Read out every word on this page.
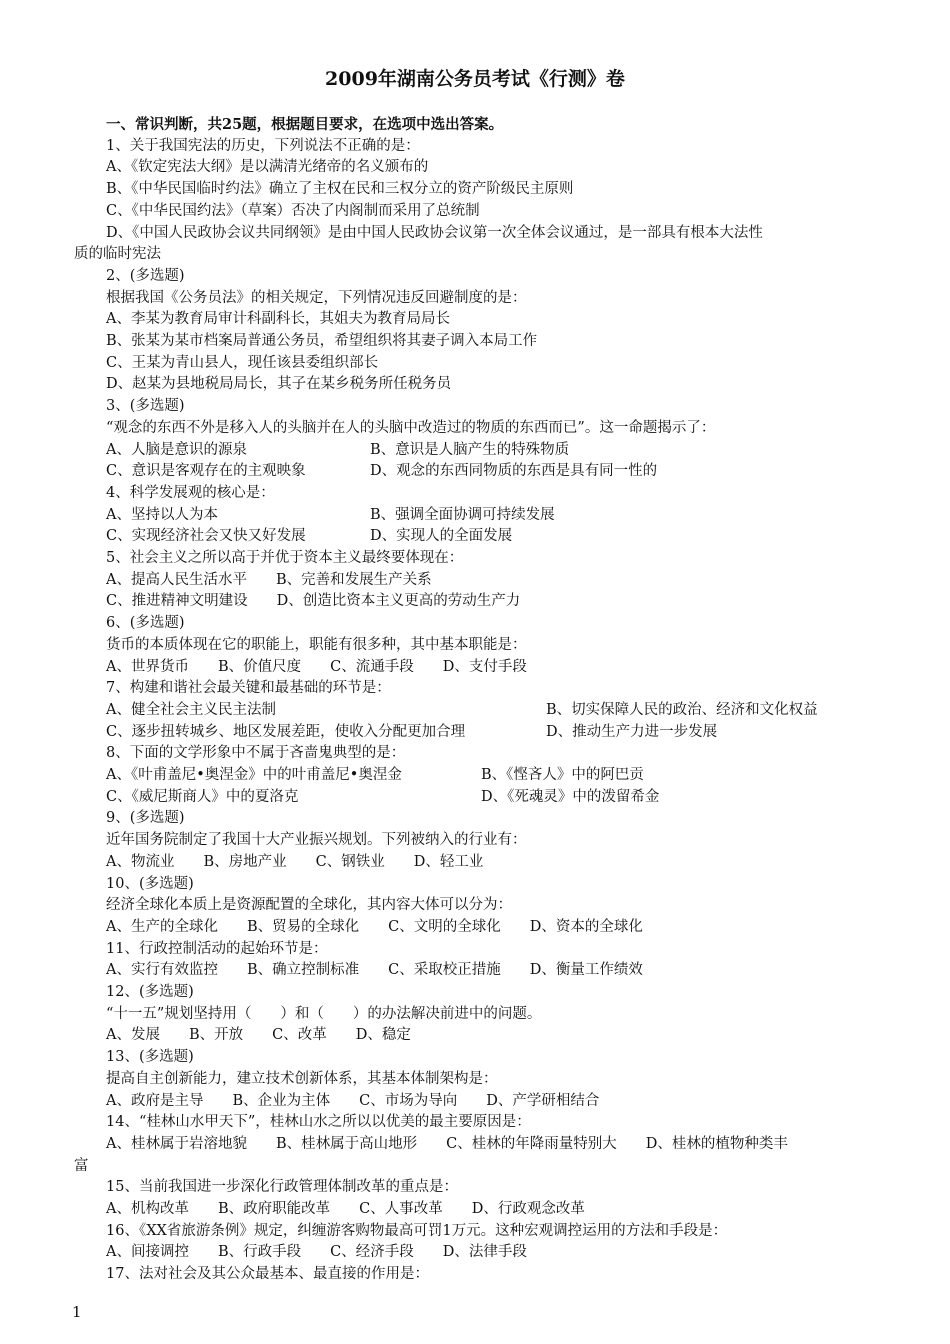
2009年湖南公务员考试《行测》卷
一、常识判断，共25题，根据题目要求，在选项中选出答案。
1、关于我国宪法的历史，下列说法不正确的是：
A、《钦定宪法大纲》是以满清光绪帝的名义颁布的
B、《中华民国临时约法》确立了主权在民和三权分立的资产阶级民主原则
C、《中华民国约法》（草案）否决了内阁制而采用了总统制
D、《中国人民政协会议共同纲领》是由中国人民政协会议第一次全体会议通过，是一部具有根本大法性
质的临时宪法
2、(多选题)
根据我国《公务员法》的相关规定，下列情况违反回避制度的是：
A、李某为教育局审计科副科长，其姐夫为教育局局长
B、张某为某市档案局普通公务员，希望组织将其妻子调入本局工作
C、王某为青山县人，现任该县委组织部长
D、赵某为县地税局局长，其子在某乡税务所任税务员
3、(多选题)
“观念的东西不外是移入人的头脑并在人的头脑中改造过的物质的东西而已”。这一命题揭示了：
A、人脑是意识的源泉	B、意识是人脑产生的特殊物质
C、意识是客观存在的主观映象	D、观念的东西同物质的东西是具有同一性的
4、科学发展观的核心是：
A、坚持以人为本	B、强调全面协调可持续发展
C、实现经济社会又快又好发展	D、实现人的全面发展
5、社会主义之所以高于并优于资本主义最终要体现在：
A、提高人民生活水平　　B、完善和发展生产关系
C、推进精神文明建设　　D、创造比资本主义更高的劳动生产力
6、(多选题)
货币的本质体现在它的职能上，职能有很多种，其中基本职能是：
A、世界货币　　B、价值尺度　　C、流通手段　　D、支付手段
7、构建和谐社会最关键和最基础的环节是：
A、健全社会主义民主法制	B、切实保障人民的政治、经济和文化权益
C、逐步扭转城乡、地区发展差距，使收入分配更加合理	D、推动生产力进一步发展
8、下面的文学形象中不属于吝啬鬼典型的是：
A、《叶甫盖尼•奥涅金》中的叶甫盖尼•奥涅金	B、《悭吝人》中的阿巴贡
C、《威尼斯商人》中的夏洛克	D、《死魂灵》中的泼留希金
9、(多选题)
近年国务院制定了我国十大产业振兴规划。下列被纳入的行业有：
A、物流业　　B、房地产业　　C、钢铁业　　D、轻工业
10、(多选题)
经济全球化本质上是资源配置的全球化，其内容大体可以分为：
A、生产的全球化　　B、贸易的全球化　　C、文明的全球化　　D、资本的全球化
11、行政控制活动的起始环节是：
A、实行有效监控　　B、确立控制标准　　C、采取校正措施　　D、衡量工作绩效
12、(多选题)
“十一五”规划坚持用（　　）和（　　）的办法解决前进中的问题。
A、发展　　B、开放　　C、改革　　D、稳定
13、(多选题)
提高自主创新能力，建立技术创新体系，其基本体制架构是：
A、政府是主导　　B、企业为主体　　C、市场为导向　　D、产学研相结合
14、“桂林山水甲天下”，桂林山水之所以以优美的最主要原因是：
A、桂林属于岩溶地貌　　B、桂林属于高山地形　　C、桂林的年降雨量特别大　　D、桂林的植物种类丰
富
15、当前我国进一步深化行政管理体制改革的重点是：
A、机构改革　　B、政府职能改革　　C、人事改革　　D、行政观念改革
16、《XX省旅游条例》规定，纠缠游客购物最高可罚1万元。这种宏观调控运用的方法和手段是：
A、间接调控　　B、行政手段　　C、经济手段　　D、法律手段
17、法对社会及其公众最基本、最直接的作用是：
1
